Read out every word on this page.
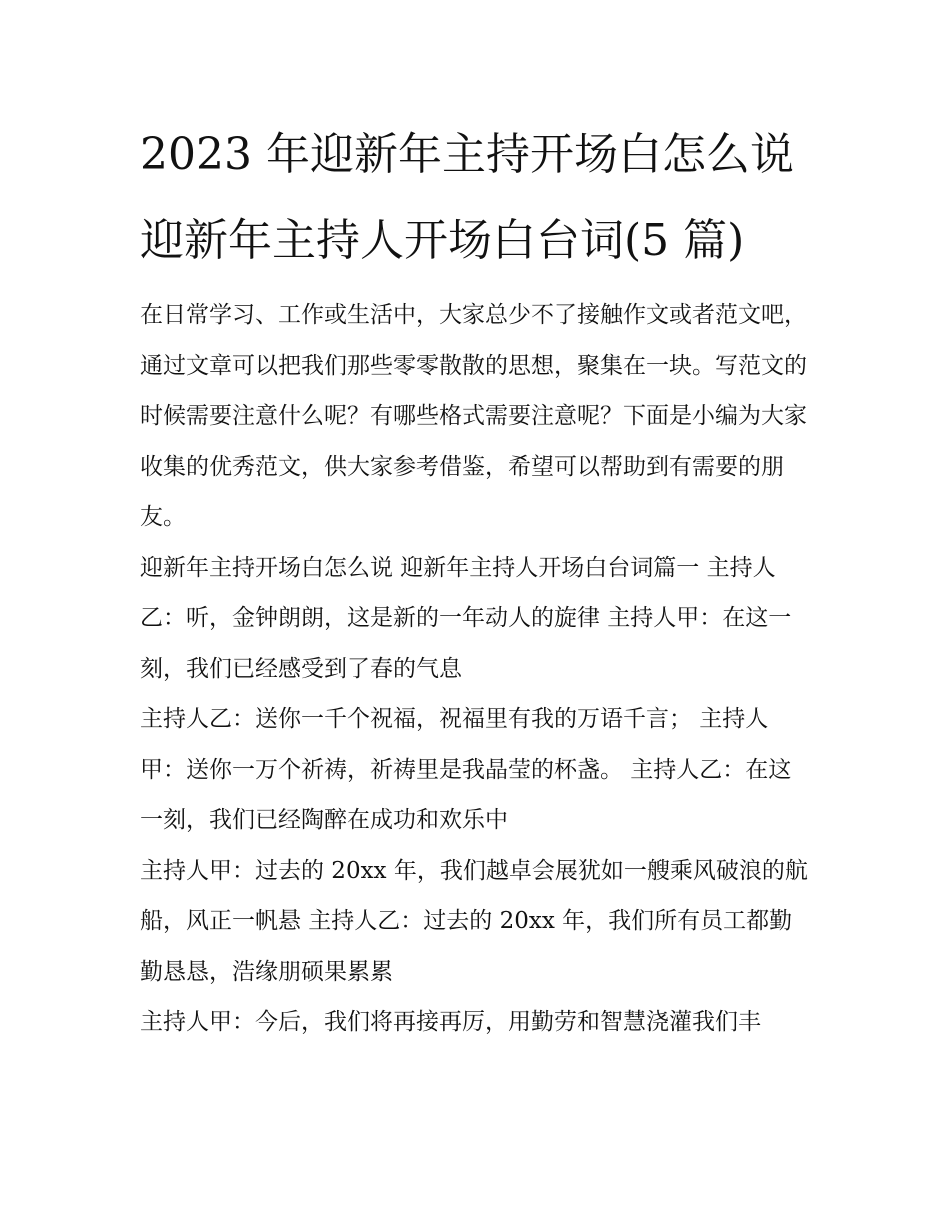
2023 年迎新年主持开场白怎么说 迎新年主持人开场白台词(5 篇)

在日常学习、工作或生活中，大家总少不了接触作文或者范文吧，通过文章可以把我们那些零零散散的思想，聚集在一块。写范文的时候需要注意什么呢？有哪些格式需要注意呢？下面是小编为大家收集的优秀范文，供大家参考借鉴，希望可以帮助到有需要的朋友。

迎新年主持开场白怎么说 迎新年主持人开场白台词篇一 主持人乙：听，金钟朗朗，这是新的一年动人的旋律 主持人甲：在这一刻，我们已经感受到了春的气息

主持人乙：送你一千个祝福，祝福里有我的万语千言； 主持人甲：送你一万个祈祷，祈祷里是我晶莹的杯盏。 主持人乙：在这一刻，我们已经陶醉在成功和欢乐中

主持人甲：过去的 20xx 年，我们越卓会展犹如一艘乘风破浪的航船，风正一帆悬 主持人乙：过去的 20xx 年，我们所有员工都勤勤恳恳，浩缘朋硕果累累

主持人甲：今后，我们将再接再厉，用勤劳和智慧浇灌我们丰
